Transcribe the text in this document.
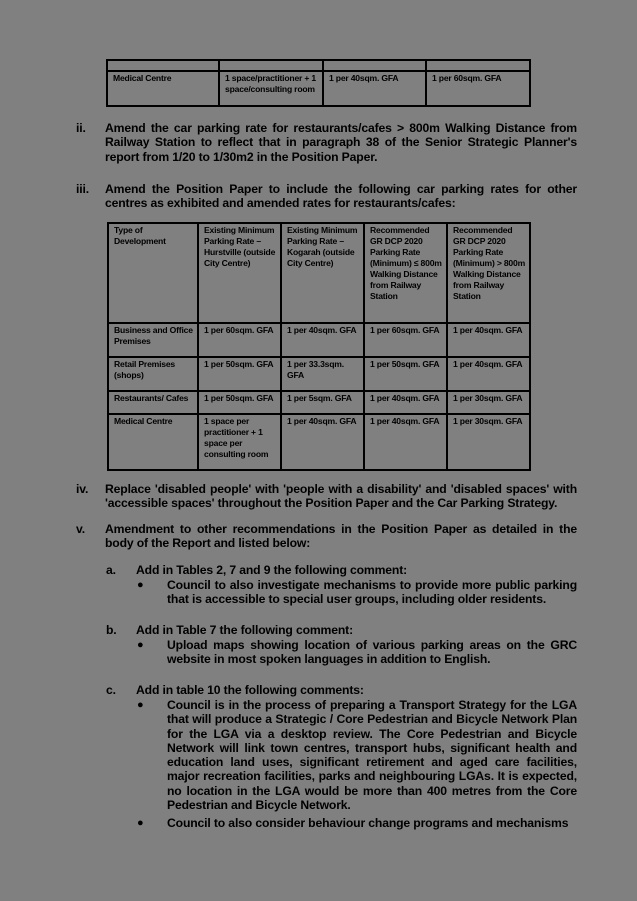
Medical Centre	1 space/practitioner + 1 space/consulting room	1 per 40sqm. GFA	1 per 60sqm. GFA
ii. Amend the car parking rate for restaurants/cafes > 800m Walking Distance from Railway Station to reflect that in paragraph 38 of the Senior Strategic Planner's report from 1/20 to 1/30m2 in the Position Paper.

iii. Amend the Position Paper to include the following car parking rates for other centres as exhibited and amended rates for restaurants/cafes:

Type of Development	Existing Minimum Parking Rate – Hurstville (outside City Centre)	Existing Minimum Parking Rate – Kogarah (outside City Centre)	Recommended GR DCP 2020 Parking Rate (Minimum) ≤ 800m Walking Distance from Railway Station	Recommended GR DCP 2020 Parking Rate (Minimum) > 800m Walking Distance from Railway Station
Business and Office Premises	1 per 60sqm. GFA	1 per 40sqm. GFA	1 per 60sqm. GFA	1 per 40sqm. GFA
Retail Premises (shops)	1 per 50sqm. GFA	1 per 33.3sqm. GFA	1 per 50sqm. GFA	1 per 40sqm. GFA
Restaurants/ Cafes	1 per 50sqm. GFA	1 per 5sqm. GFA	1 per 40sqm. GFA	1 per 30sqm. GFA
Medical Centre	1 space per practitioner + 1 space per consulting room	1 per 40sqm. GFA	1 per 40sqm. GFA	1 per 30sqm. GFA
iv. Replace 'disabled people' with 'people with a disability' and 'disabled spaces' with 'accessible spaces' throughout the Position Paper and the Car Parking Strategy.

v. Amendment to other recommendations in the Position Paper as detailed in the body of the Report and listed below:

a. Add in Tables 2, 7 and 9 the following comment:
● Council to also investigate mechanisms to provide more public parking that is accessible to special user groups, including older residents.

b. Add in Table 7 the following comment:
● Upload maps showing location of various parking areas on the GRC website in most spoken languages in addition to English.

c. Add in table 10 the following comments:
● Council is in the process of preparing a Transport Strategy for the LGA that will produce a Strategic / Core Pedestrian and Bicycle Network Plan for the LGA via a desktop review. The Core Pedestrian and Bicycle Network will link town centres, transport hubs, significant health and education land uses, significant retirement and aged care facilities, major recreation facilities, parks and neighbouring LGAs. It is expected, no location in the LGA would be more than 400 metres from the Core Pedestrian and Bicycle Network.

● Council to also consider behaviour change programs and mechanisms
